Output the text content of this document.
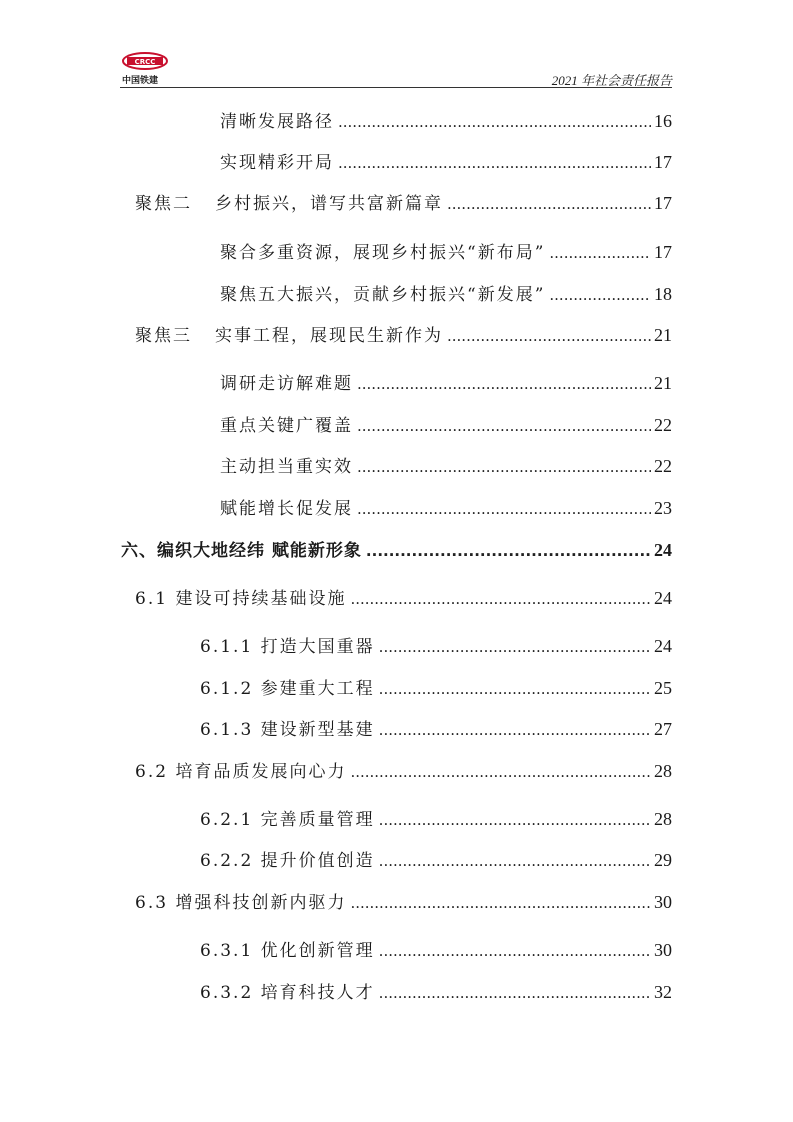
CRCC
中国铁建	2021 年社会责任报告
清晰发展路径 .....	16
实现精彩开局 .....	17
聚焦二	乡村振兴，谱写共富新篇章 .....	17
聚合多重资源，展现乡村振兴“新布局” .....	17
聚焦五大振兴，贡献乡村振兴“新发展” .....	18
聚焦三	实事工程，展现民生新作为 .....	21
调研走访解难题 .....	21
重点关键广覆盖 .....	22
主动担当重实效 .....	22
赋能增长促发展 .....	23
六、编织大地经纬 赋能新形象 .....	24
6.1 建设可持续基础设施 .....	24
6.1.1 打造大国重器 .....	24
6.1.2 参建重大工程 .....	25
6.1.3 建设新型基建 .....	27
6.2 培育品质发展向心力 .....	28
6.2.1 完善质量管理 .....	28
6.2.2 提升价值创造 .....	29
6.3 增强科技创新内驱力 .....	30
6.3.1 优化创新管理 .....	30
6.3.2 培育科技人才 .....	32
